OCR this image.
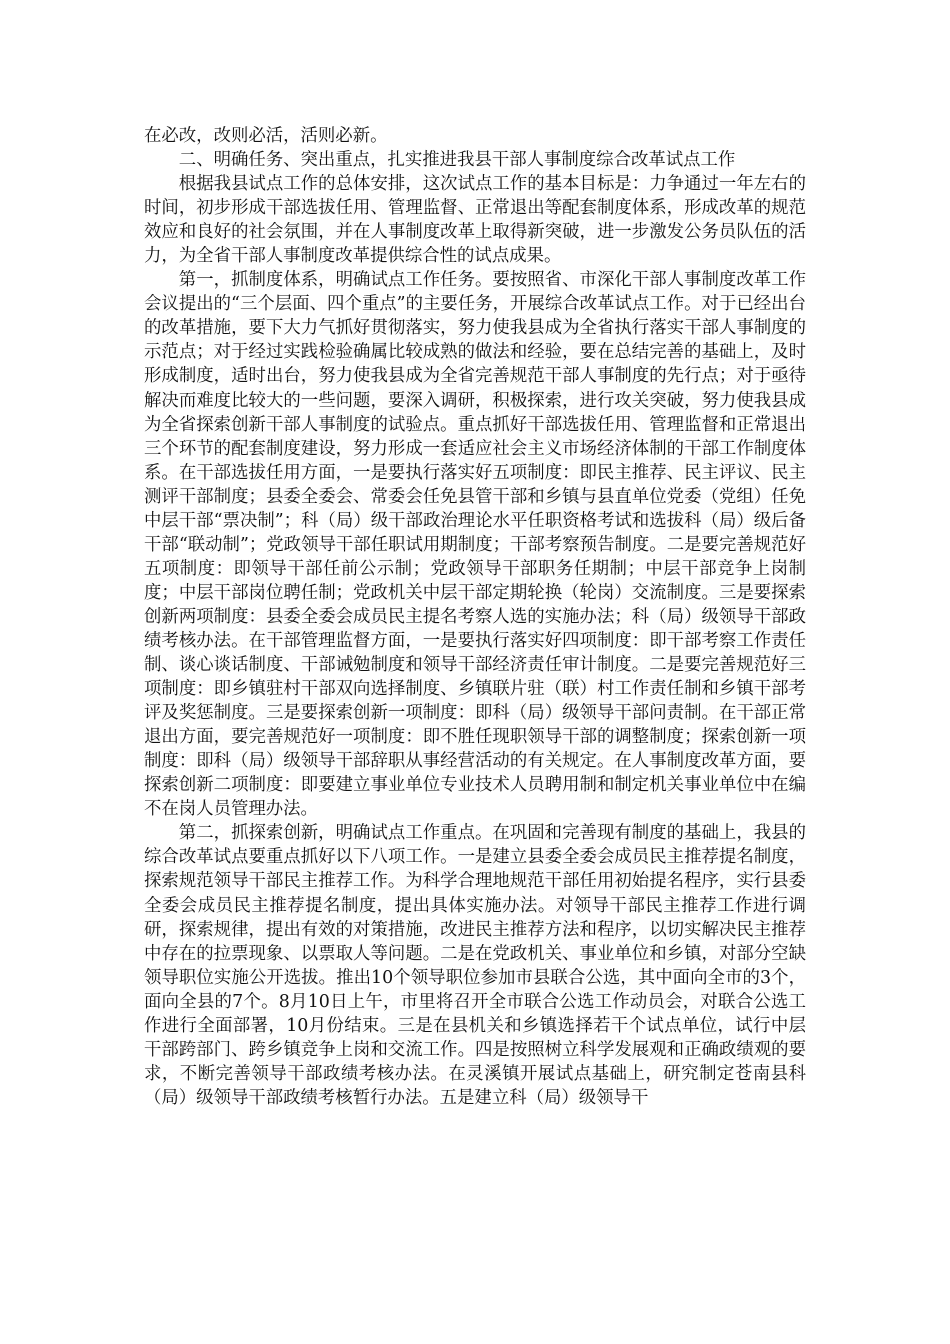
在必改，改则必活，活则必新。

二、明确任务、突出重点，扎实推进我县干部人事制度综合改革试点工作

根据我县试点工作的总体安排，这次试点工作的基本目标是：力争通过一年左右的时间，初步形成干部选拔任用、管理监督、正常退出等配套制度体系，形成改革的规范效应和良好的社会氛围，并在人事制度改革上取得新突破，进一步激发公务员队伍的活力，为全省干部人事制度改革提供综合性的试点成果。

第一，抓制度体系，明确试点工作任务。要按照省、市深化干部人事制度改革工作会议提出的“三个层面、四个重点”的主要任务，开展综合改革试点工作。对于已经出台的改革措施，要下大力气抓好贯彻落实，努力使我县成为全省执行落实干部人事制度的示范点；对于经过实践检验确属比较成熟的做法和经验，要在总结完善的基础上，及时形成制度，适时出台，努力使我县成为全省完善规范干部人事制度的先行点；对于亟待解决而难度比较大的一些问题，要深入调研，积极探索，进行攻关突破，努力使我县成为全省探索创新干部人事制度的试验点。重点抓好干部选拔任用、管理监督和正常退出三个环节的配套制度建设，努力形成一套适应社会主义市场经济体制的干部工作制度体系。在干部选拔任用方面，一是要执行落实好五项制度：即民主推荐、民主评议、民主测评干部制度；县委全委会、常委会任免县管干部和乡镇与县直单位党委（党组）任免中层干部“票决制”；科（局）级干部政治理论水平任职资格考试和选拔科（局）级后备干部“联动制”；党政领导干部任职试用期制度；干部考察预告制度。二是要完善规范好五项制度：即领导干部任前公示制；党政领导干部职务任期制；中层干部竞争上岗制度；中层干部岗位聘任制；党政机关中层干部定期轮换（轮岗）交流制度。三是要探索创新两项制度：县委全委会成员民主提名考察人选的实施办法；科（局）级领导干部政绩考核办法。在干部管理监督方面，一是要执行落实好四项制度：即干部考察工作责任制、谈心谈话制度、干部诫勉制度和领导干部经济责任审计制度。二是要完善规范好三项制度：即乡镇驻村干部双向选择制度、乡镇联片驻（联）村工作责任制和乡镇干部考评及奖惩制度。三是要探索创新一项制度：即科（局）级领导干部问责制。在干部正常退出方面，要完善规范好一项制度：即不胜任现职领导干部的调整制度；探索创新一项制度：即科（局）级领导干部辞职从事经营活动的有关规定。在人事制度改革方面，要探索创新二项制度：即要建立事业单位专业技术人员聘用制和制定机关事业单位中在编不在岗人员管理办法。

第二，抓探索创新，明确试点工作重点。在巩固和完善现有制度的基础上，我县的综合改革试点要重点抓好以下八项工作。一是建立县委全委会成员民主推荐提名制度，探索规范领导干部民主推荐工作。为科学合理地规范干部任用初始提名程序，实行县委全委会成员民主推荐提名制度，提出具体实施办法。对领导干部民主推荐工作进行调研，探索规律，提出有效的对策措施，改进民主推荐方法和程序，以切实解决民主推荐中存在的拉票现象、以票取人等问题。二是在党政机关、事业单位和乡镇，对部分空缺领导职位实施公开选拔。推出10个领导职位参加市县联合公选，其中面向全市的3个，面向全县的7个。8月10日上午，市里将召开全市联合公选工作动员会，对联合公选工作进行全面部署，10月份结束。三是在县机关和乡镇选择若干个试点单位，试行中层干部跨部门、跨乡镇竞争上岗和交流工作。四是按照树立科学发展观和正确政绩观的要求，不断完善领导干部政绩考核办法。在灵溪镇开展试点基础上，研究制定苍南县科（局）级领导干部政绩考核暂行办法。五是建立科（局）级领导干
